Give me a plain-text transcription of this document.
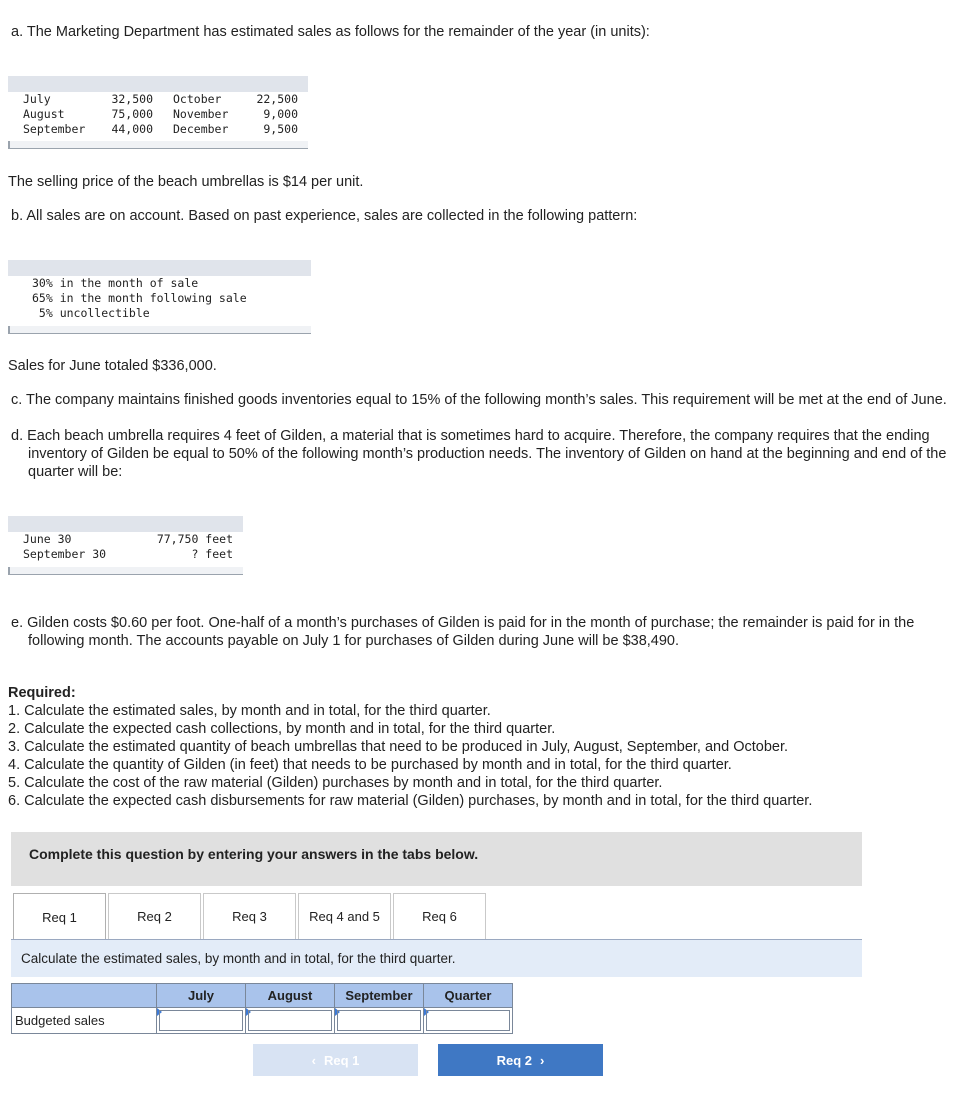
a. The Marketing Department has estimated sales as follows for the remainder of the year (in units):
July	32,500
August	75,000
September	44,000
October	22,500
November	9,000
December	9,500
The selling price of the beach umbrellas is $14 per unit.
b. All sales are on account. Based on past experience, sales are collected in the following pattern:
30% in the month of sale
65% in the month following sale
5% uncollectible
Sales for June totaled $336,000.
c. The company maintains finished goods inventories equal to 15% of the following month’s sales. This requirement will be met at the end of June.
d. Each beach umbrella requires 4 feet of Gilden, a material that is sometimes hard to acquire. Therefore, the company requires that the ending inventory of Gilden be equal to 50% of the following month’s production needs. The inventory of Gilden on hand at the beginning and end of the quarter will be:
June 30	77,750 feet
September 30	? feet
e. Gilden costs $0.60 per foot. One-half of a month’s purchases of Gilden is paid for in the month of purchase; the remainder is paid for in the following month. The accounts payable on July 1 for purchases of Gilden during June will be $38,490.
Required:
1. Calculate the estimated sales, by month and in total, for the third quarter.
2. Calculate the expected cash collections, by month and in total, for the third quarter.
3. Calculate the estimated quantity of beach umbrellas that need to be produced in July, August, September, and October.
4. Calculate the quantity of Gilden (in feet) that needs to be purchased by month and in total, for the third quarter.
5. Calculate the cost of the raw material (Gilden) purchases by month and in total, for the third quarter.
6. Calculate the expected cash disbursements for raw material (Gilden) purchases, by month and in total, for the third quarter.
Complete this question by entering your answers in the tabs below.
Req 1	Req 2	Req 3	Req 4 and 5	Req 6
Calculate the estimated sales, by month and in total, for the third quarter.
	July	August	September	Quarter
Budgeted sales	

‹ Req 1	Req 2 ›
